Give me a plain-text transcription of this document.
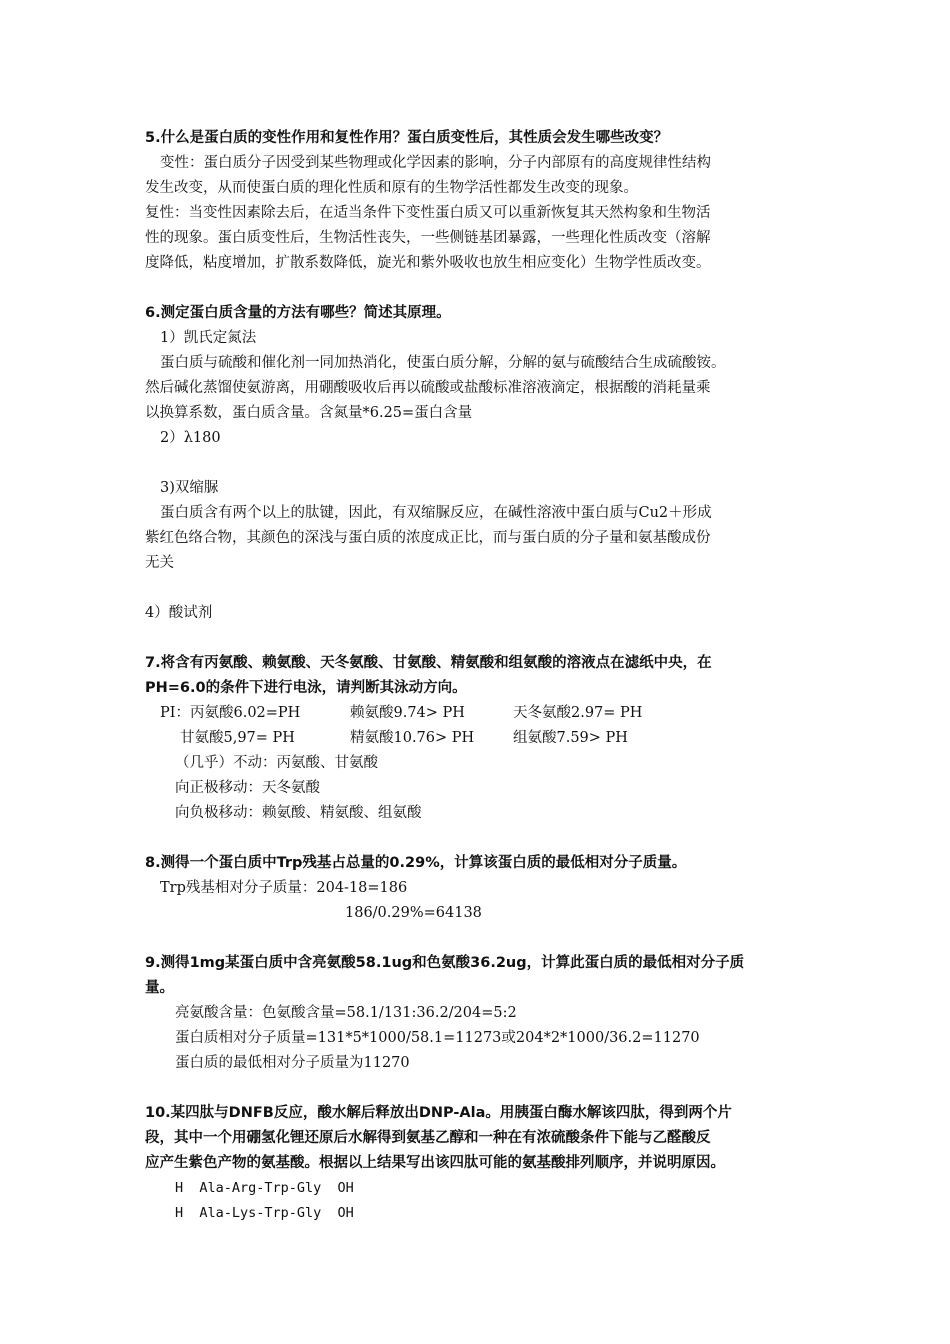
5.什么是蛋白质的变性作用和复性作用？蛋白质变性后，其性质会发生哪些改变？

变性：蛋白质分子因受到某些物理或化学因素的影响，分子内部原有的高度规律性结构

发生改变，从而使蛋白质的理化性质和原有的生物学活性都发生改变的现象。

复性：当变性因素除去后，在适当条件下变性蛋白质又可以重新恢复其天然构象和生物活

性的现象。蛋白质变性后，生物活性丧失，一些侧链基团暴露，一些理化性质改变（溶解

度降低，粘度增加，扩散系数降低，旋光和紫外吸收也放生相应变化）生物学性质改变。

6.测定蛋白质含量的方法有哪些？简述其原理。

1）凯氏定氮法

蛋白质与硫酸和催化剂一同加热消化，使蛋白质分解，分解的氨与硫酸结合生成硫酸铵。

然后碱化蒸馏使氨游离，用硼酸吸收后再以硫酸或盐酸标准溶液滴定，根据酸的消耗量乘

以换算系数，蛋白质含量。含氮量*6.25=蛋白含量

2）λ180

3)双缩脲

蛋白质含有两个以上的肽键，因此，有双缩脲反应，在碱性溶液中蛋白质与Cu2＋形成

紫红色络合物，其颜色的深浅与蛋白质的浓度成正比，而与蛋白质的分子量和氨基酸成份

无关

4）酸试剂

7.将含有丙氨酸、赖氨酸、天冬氨酸、甘氨酸、精氨酸和组氨酸的溶液点在滤纸中央，在
PH=6.0的条件下进行电泳，请判断其泳动方向。
PI：丙氨酸6.02=PH	赖氨酸9.74> PH	天冬氨酸2.97= PH
甘氨酸5,97= PH	精氨酸10.76> PH	组氨酸7.59> PH

（几乎）不动：丙氨酸、甘氨酸

向正极移动：天冬氨酸

向负极移动：赖氨酸、精氨酸、组氨酸

8.测得一个蛋白质中Trp残基占总量的0.29%，计算该蛋白质的最低相对分子质量。

Trp残基相对分子质量：204-18=186

186/0.29%=64138

9.测得1mg某蛋白质中含亮氨酸58.1ug和色氨酸36.2ug，计算此蛋白质的最低相对分子质
量。

亮氨酸含量：色氨酸含量=58.1/131:36.2/204=5:2

蛋白质相对分子质量=131*5*1000/58.1=11273或204*2*1000/36.2=11270

蛋白质的最低相对分子质量为11270

10.某四肽与DNFB反应，酸水解后释放出DNP-Ala。用胰蛋白酶水解该四肽，得到两个片
段，其中一个用硼氢化锂还原后水解得到氨基乙醇和一种在有浓硫酸条件下能与乙醛酸反
应产生紫色产物的氨基酸。根据以上结果写出该四肽可能的氨基酸排列顺序，并说明原因。

H  Ala-Arg-Trp-Gly  OH

H  Ala-Lys-Trp-Gly  OH
